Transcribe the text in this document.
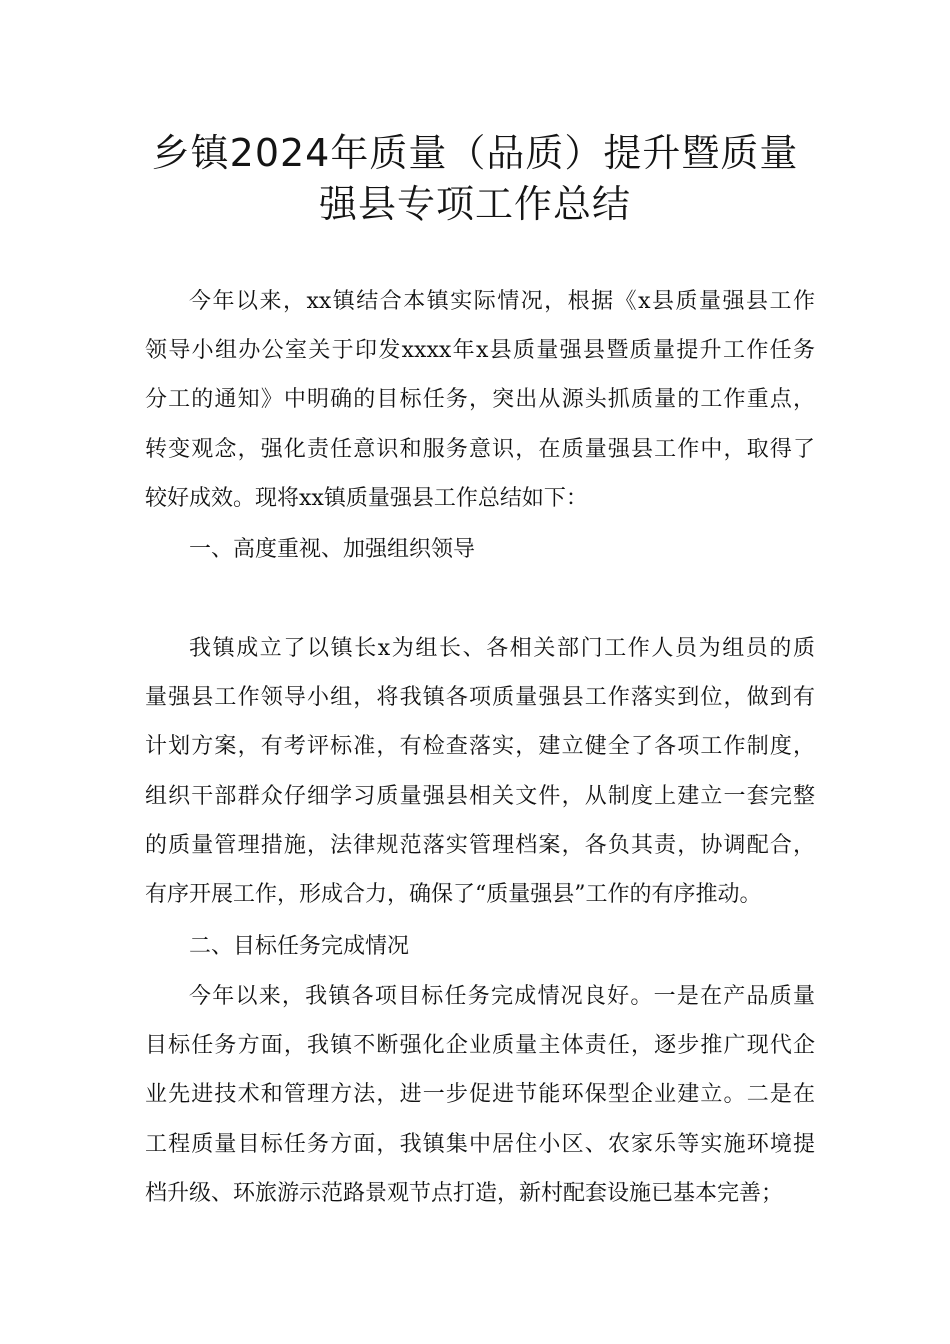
乡镇2024年质量（品质）提升暨质量
强县专项工作总结
今年以来，xx镇结合本镇实际情况，根据《x县质量强县工作
领导小组办公室关于印发xxxx年x县质量强县暨质量提升工作任务
分工的通知》中明确的目标任务，突出从源头抓质量的工作重点，
转变观念，强化责任意识和服务意识，在质量强县工作中，取得了
较好成效。现将xx镇质量强县工作总结如下：
一、高度重视、加强组织领导
我镇成立了以镇长x为组长、各相关部门工作人员为组员的质
量强县工作领导小组，将我镇各项质量强县工作落实到位，做到有
计划方案，有考评标准，有检查落实，建立健全了各项工作制度，
组织干部群众仔细学习质量强县相关文件，从制度上建立一套完整
的质量管理措施，法律规范落实管理档案，各负其责，协调配合，
有序开展工作，形成合力，确保了“质量强县”工作的有序推动。
二、目标任务完成情况
今年以来，我镇各项目标任务完成情况良好。一是在产品质量
目标任务方面，我镇不断强化企业质量主体责任，逐步推广现代企
业先进技术和管理方法，进一步促进节能环保型企业建立。二是在
工程质量目标任务方面，我镇集中居住小区、农家乐等实施环境提
档升级、环旅游示范路景观节点打造，新村配套设施已基本完善；
